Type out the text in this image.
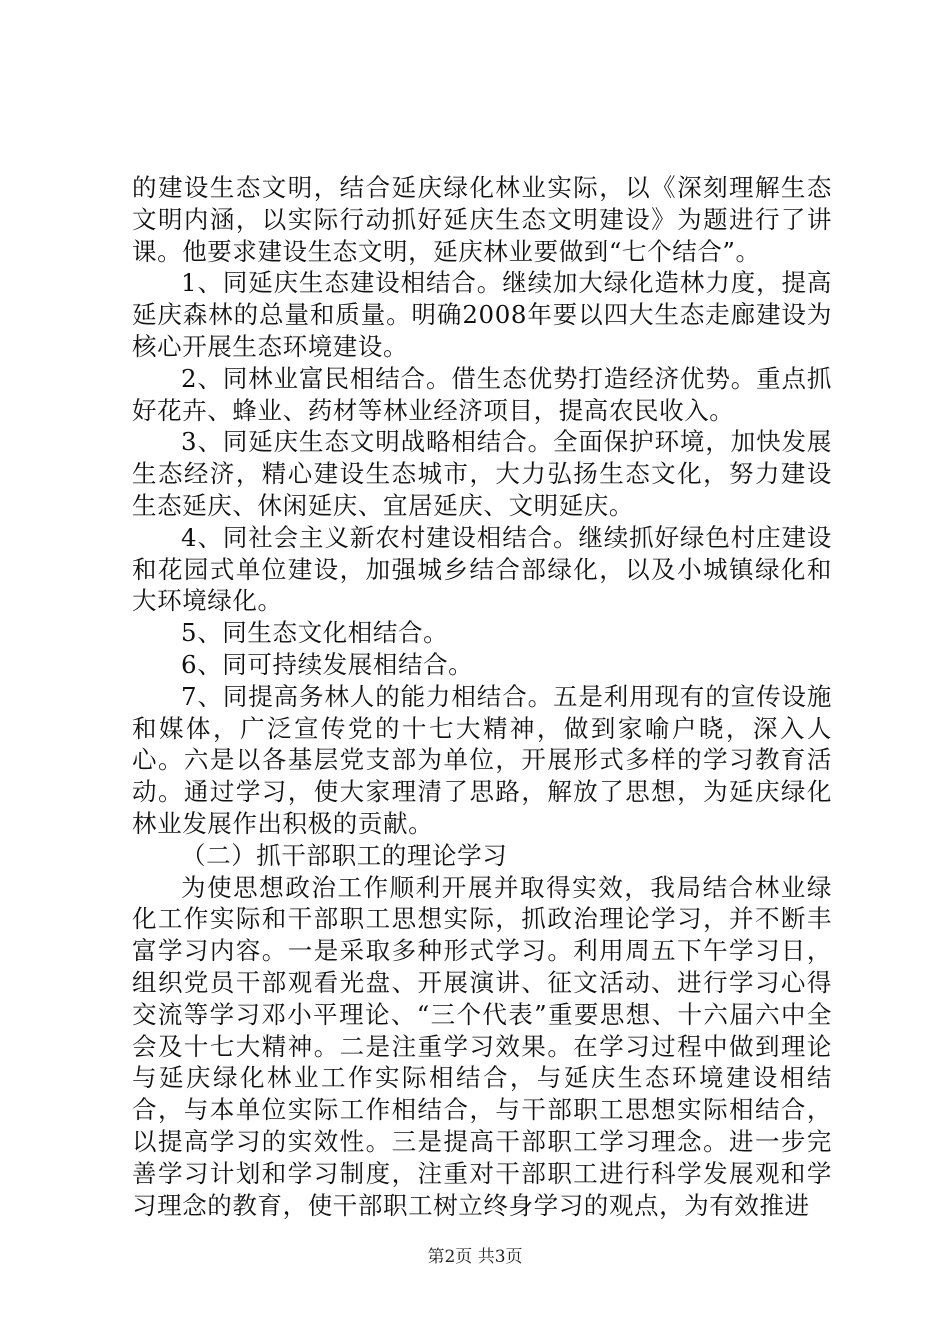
的建设生态文明，结合延庆绿化林业实际，以《深刻理解生态文明内涵，以实际行动抓好延庆生态文明建设》为题进行了讲课。他要求建设生态文明，延庆林业要做到“七个结合”。

1、同延庆生态建设相结合。继续加大绿化造林力度，提高延庆森林的总量和质量。明确2008年要以四大生态走廊建设为核心开展生态环境建设。

2、同林业富民相结合。借生态优势打造经济优势。重点抓好花卉、蜂业、药材等林业经济项目，提高农民收入。

3、同延庆生态文明战略相结合。全面保护环境，加快发展生态经济，精心建设生态城市，大力弘扬生态文化，努力建设生态延庆、休闲延庆、宜居延庆、文明延庆。

4、同社会主义新农村建设相结合。继续抓好绿色村庄建设和花园式单位建设，加强城乡结合部绿化，以及小城镇绿化和大环境绿化。

5、同生态文化相结合。

6、同可持续发展相结合。

7、同提高务林人的能力相结合。五是利用现有的宣传设施和媒体，广泛宣传党的十七大精神，做到家喻户晓，深入人心。六是以各基层党支部为单位，开展形式多样的学习教育活动。通过学习，使大家理清了思路，解放了思想，为延庆绿化林业发展作出积极的贡献。

（二）抓干部职工的理论学习

为使思想政治工作顺利开展并取得实效，我局结合林业绿化工作实际和干部职工思想实际，抓政治理论学习，并不断丰富学习内容。一是采取多种形式学习。利用周五下午学习日，组织党员干部观看光盘、开展演讲、征文活动、进行学习心得交流等学习邓小平理论、“三个代表”重要思想、十六届六中全会及十七大精神。二是注重学习效果。在学习过程中做到理论与延庆绿化林业工作实际相结合，与延庆生态环境建设相结合，与本单位实际工作相结合，与干部职工思想实际相结合，以提高学习的实效性。三是提高干部职工学习理念。进一步完善学习计划和学习制度，注重对干部职工进行科学发展观和学习理念的教育，使干部职工树立终身学习的观点，为有效推进

第2页 共3页
